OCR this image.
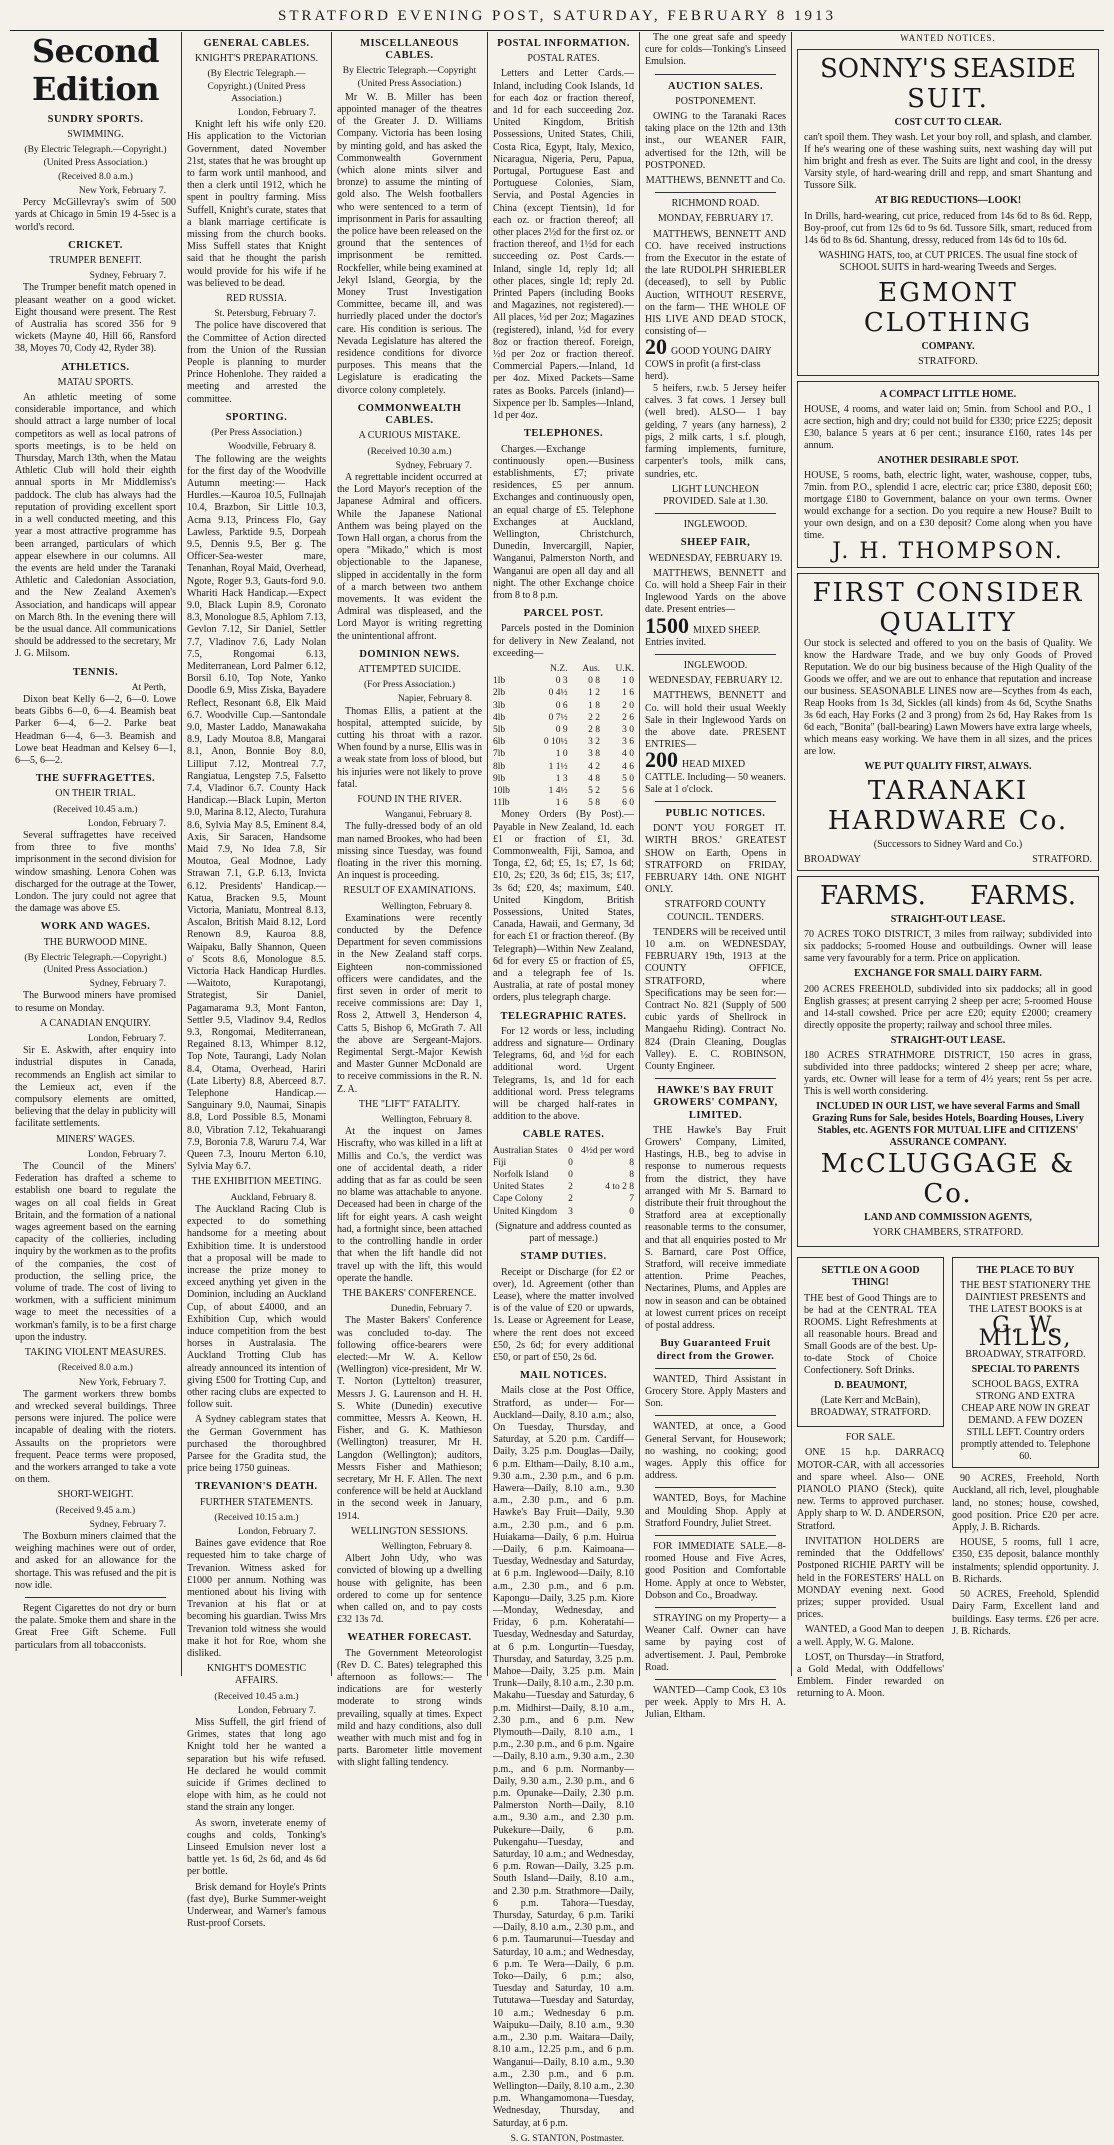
STRATFORD EVENING POST, SATURDAY, FEBRUARY 8 1913
Second Edition
SUNDRY SPORTS.
SWIMMING.
(By Electric Telegraph.—Copyright.) (United Press Association.)
(Received 8.0 a.m.)
New York, February 7.

Percy McGillevray's swim of 500 yards at Chicago in 5min 19 4-5sec is a world's record.

CRICKET.
TRUMPER BENEFIT.
Sydney, February 7.

The Trumper benefit match opened in pleasant weather on a good wicket. Eight thousand were present. The Rest of Australia has scored 356 for 9 wickets (Mayne 40, Hill 66, Ransford 38, Moyes 70, Cody 42, Ryder 38).

ATHLETICS.
MATAU SPORTS.

An athletic meeting of some considerable importance, and which should attract a large number of local competitors as well as local patrons of sports meetings, is to be held on Thursday, March 13th, when the Matau Athletic Club will hold their eighth annual sports in Mr Middlemiss's paddock. The club has always had the reputation of providing excellent sport in a well conducted meeting, and this year a most attractive programme has been arranged, particulars of which appear elsewhere in our columns. All the events are held under the Taranaki Athletic and Caledonian Association, and the New Zealand Axemen's Association, and handicaps will appear on March 8th. In the evening there will be the usual dance. All communications should be addressed to the secretary, Mr J. G. Milsom.

TENNIS.
At Perth,

Dixon beat Kelly 6—2, 6—0. Lowe beats Gibbs 6—0, 6—4. Beamish beat Parker 6—4, 6—2. Parke beat Headman 6—4, 6—3. Beamish and Lowe beat Headman and Kelsey 6—1, 6—5, 6—2.

THE SUFFRAGETTES.
ON THEIR TRIAL.
(Received 10.45 a.m.)
London, February 7.

Several suffragettes have received from three to five months' imprisonment in the second division for window smashing. Lenora Cohen was discharged for the outrage at the Tower, London. The jury could not agree that the damage was above £5.

WORK AND WAGES.
THE BURWOOD MINE.
(By Electric Telegraph.—Copyright.) (United Press Association.)
Sydney, February 7.

The Burwood miners have promised to resume on Monday.

A CANADIAN ENQUIRY.
London, February 7.

Sir E. Askwith, after enquiry into industrial disputes in Canada, recommends an English act similar to the Lemieux act, even if the compulsory elements are omitted, believing that the delay in publicity will facilitate settlements.

MINERS' WAGES.
London, February 7.

The Council of the Miners' Federation has drafted a scheme to establish one board to regulate the wages on all coal fields in Great Britain, and the formation of a national wages agreement based on the earning capacity of the collieries, including inquiry by the workmen as to the profits of the companies, the cost of production, the selling price, the volume of trade. The cost of living to workmen, with a sufficient minimum wage to meet the necessities of a workman's family, is to be a first charge upon the industry.

TAKING VIOLENT MEASURES.
(Received 8.0 a.m.)
New York, February 7.

The garment workers threw bombs and wrecked several buildings. Three persons were injured. The police were incapable of dealing with the rioters. Assaults on the proprietors were frequent. Peace terms were proposed, and the workers arranged to take a vote on them.

SHORT-WEIGHT.
(Received 9.45 a.m.)
Sydney, February 7.

The Boxburn miners claimed that the weighing machines were out of order, and asked for an allowance for the shortage. This was refused and the pit is now idle.

Regent Cigarettes do not dry or burn the palate. Smoke them and share in the Great Free Gift Scheme. Full particulars from all tobacconists.

GENERAL CABLES.
KNIGHT'S PREPARATIONS.
(By Electric Telegraph.—Copyright.) (United Press Association.)
London, February 7.

Knight left his wife only £20. His application to the Victorian Government, dated November 21st, states that he was brought up to farm work until manhood, and then a clerk until 1912, which he spent in poultry farming. Miss Suffell, Knight's curate, states that a blank marriage certificate is missing from the church books. Miss Suffell states that Knight said that he thought the parish would provide for his wife if he was believed to be dead.

RED RUSSIA.
St. Petersburg, February 7.

The police have discovered that the Committee of Action directed from the Union of the Russian People is planning to murder Prince Hohenlohe. They raided a meeting and arrested the committee.

SPORTING.
(Per Press Association.)
Woodville, February 8.

The following are the weights for the first day of the Woodville Autumn meeting:— Hack Hurdles.—Kauroa 10.5, Fullnajah 10.4, Brazbon, Sir Little 10.3, Acma 9.13, Princess Flo, Gay Lawless, Parktide 9.5, Dorpeah 9.5, Dennis 9.5, Ber g. The Officer-Sea-wester mare, Tenanhan, Royal Maid, Overhead, Ngote, Roger 9.3, Gauts-ford 9.0. Whariti Hack Handicap.—Expect 9.0, Black Lupin 8.9, Coronato 8.3, Monologue 8.5, Aphlom 7.13, Gevlon 7.12, Sir Daniel, Settler 7.7, Vladinov 7.6, Lady Nolan 7.5, Rongomai 6.13, Mediterranean, Lord Palmer 6.12, Borsil 6.10, Top Note, Yanko Doodle 6.9, Miss Ziska, Bayadere Reflect, Resonant 6.8, Elk Maid 6.7. Woodville Cup.—Santondale 9.0, Master Laddo, Manawakaha 8.9, Lady Moutoa 8.8, Mangarai 8.1, Anon, Bonnie Boy 8.0, Lilliput 7.12, Montreal 7.7, Rangiatua, Lengstep 7.5, Falsetto 7.4, Vladinor 6.7. County Hack Handicap.—Black Lupin, Merton 9.0, Marina 8.12, Alecto, Turahura 8.6, Sylvia May 8.5, Eminent 8.4, Axis, Sir Saracen, Handsome Maid 7.9, No Idea 7.8, Sir Moutoa, Geal Modnoe, Lady Strawan 7.1, G.P. 6.13, Invicta 6.12. Presidents' Handicap.—Katua, Bracken 9.5, Mount Victoria, Maniatu, Montreal 8.13, Ascalon, British Maid 8.12, Lord Renown 8.9, Kauroa 8.8, Waipaku, Bally Shannon, Queen o' Scots 8.6, Monologue 8.5. Victoria Hack Handicap Hurdles.—Waitoto, Kurapotangi, Strategist, Sir Daniel, Pagamarama 9.3, Mont Fanton, Settler 9.5, Vladinov 9.4, Redlos 9.3, Rongomai, Mediterranean, Regained 8.13, Whimper 8.12, Top Note, Taurangi, Lady Nolan 8.4, Otama, Overhead, Hariri (Late Liberty) 8.8, Aberceed 8.7. Telephone Handicap.—Sanguinary 9.0, Naumai, Sinapis 8.8, Lord Possible 8.5, Monami 8.0, Vibration 7.12, Tekahuarangi 7.9, Boronia 7.8, Waruru 7.4, War Queen 7.3, Inouru Merton 6.10, Sylvia May 6.7.

THE EXHIBITION MEETING.
Auckland, February 8.

The Auckland Racing Club is expected to do something handsome for a meeting about Exhibition time. It is understood that a proposal will be made to increase the prize money to exceed anything yet given in the Dominion, including an Auckland Cup, of about £4000, and an Exhibition Cup, which would induce competition from the best horses in Australasia. The Auckland Trotting Club has already announced its intention of giving £500 for Trotting Cup, and other racing clubs are expected to follow suit.

A Sydney cablegram states that the German Government has purchased the thoroughbred Parsee for the Gradita stud, the price being 1750 guineas.

TREVANION'S DEATH.
FURTHER STATEMENTS.
(Received 10.15 a.m.)
London, February 7.

Baines gave evidence that Roe requested him to take charge of Trevanion. Witness asked for £1000 per annum. Nothing was mentioned about his living with Trevanion at his flat or at becoming his guardian. Twiss Mrs Trevanion told witness she would make it hot for Roe, whom she disliked.

KNIGHT'S DOMESTIC AFFAIRS.
(Received 10.45 a.m.)
London, February 7.

Miss Suffell, the girl friend of Grimes, states that long ago Knight told her he wanted a separation but his wife refused. He declared he would commit suicide if Grimes declined to elope with him, as he could not stand the strain any longer.

As sworn, inveterate enemy of coughs and colds, Tonking's Linseed Emulsion never lost a battle yet. 1s 6d, 2s 6d, and 4s 6d per bottle.

Brisk demand for Hoyle's Prints (fast dye), Burke Summer-weight Underwear, and Warner's famous Rust-proof Corsets.

MISCELLANEOUS CABLES.
By Electric Telegraph.—Copyright (United Press Association.)

Mr W. B. Miller has been appointed manager of the theatres of the Greater J. D. Williams Company. Victoria has been losing by minting gold, and has asked the Commonwealth Government (which alone mints silver and bronze) to assume the minting of gold also. The Welsh footballers who were sentenced to a term of imprisonment in Paris for assaulting the police have been released on the ground that the sentences of imprisonment be remitted. Rockfeller, while being examined at Jekyl Island, Georgia, by the Money Trust Investigation Committee, became ill, and was hurriedly placed under the doctor's care. His condition is serious. The Nevada Legislature has altered the residence conditions for divorce purposes. This means that the Legislature is eradicating the divorce colony completely.

COMMONWEALTH CABLES.
A CURIOUS MISTAKE.
(Received 10.30 a.m.)
Sydney, February 7.

A regrettable incident occurred at the Lord Mayor's reception of the Japanese Admiral and officers. While the Japanese National Anthem was being played on the Town Hall organ, a chorus from the opera "Mikado," which is most objectionable to the Japanese, slipped in accidentally in the form of a march between two anthem movements. It was evident the Admiral was displeased, and the Lord Mayor is writing regretting the unintentional affront.

DOMINION NEWS.
ATTEMPTED SUICIDE.
(For Press Association.)
Napier, February 8.

Thomas Ellis, a patient at the hospital, attempted suicide, by cutting his throat with a razor. When found by a nurse, Ellis was in a weak state from loss of blood, but his injuries were not likely to prove fatal.

FOUND IN THE RIVER.
Wanganui, February 8.

The fully-dressed body of an old man named Brookes, who had been missing since Tuesday, was found floating in the river this morning. An inquest is proceeding.

RESULT OF EXAMINATIONS.
Wellington, February 8.

Examinations were recently conducted by the Defence Department for seven commissions in the New Zealand staff corps. Eighteen non-commissioned officers were candidates, and the first seven in order of merit to receive commissions are: Day 1, Ross 2, Attwell 3, Henderson 4, Catts 5, Bishop 6, McGrath 7. All the above are Sergeant-Majors. Regimental Sergt.-Major Kewish and Master Gunner McDonald are to receive commissions in the R. N. Z. A.

THE "LIFT" FATALITY.
Wellington, February 8.

At the inquest on James Hiscrafty, who was killed in a lift at Millis and Co.'s, the verdict was one of accidental death, a rider adding that as far as could be seen no blame was attachable to anyone. Deceased had been in charge of the lift for eight years. A cash weight had, a fortnight since, been attached to the controlling handle in order that when the lift handle did not travel up with the lift, this would operate the handle.

THE BAKERS' CONFERENCE.
Dunedin, February 7.

The Master Bakers' Conference was concluded to-day. The following office-bearers were elected:—Mr W. A. Kellow (Wellington) vice-president, Mr W. T. Norton (Lyttelton) treasurer, Messrs J. G. Laurenson and H. H. S. White (Dunedin) executive committee, Messrs A. Keown, H. Fisher, and G. K. Mathieson (Wellington) treasurer, Mr H. Langdon (Wellington); auditors, Messrs Fisher and Mathieson; secretary, Mr H. F. Allen. The next conference will be held at Auckland in the second week in January, 1914.

WELLINGTON SESSIONS.
Wellington, February 8.

Albert John Udy, who was convicted of blowing up a dwelling house with gelignite, has been ordered to come up for sentence when called on, and to pay costs £32 13s 7d.

WEATHER FORECAST.

The Government Meteorologist (Rev D. C. Bates) telegraphed this afternoon as follows:— The indications are for westerly moderate to strong winds prevailing, squally at times. Expect mild and hazy conditions, also dull weather with much mist and fog in parts. Barometer little movement with slight falling tendency.

POSTAL INFORMATION.
POSTAL RATES.

Letters and Letter Cards.—Inland, including Cook Islands, 1d for each 4oz or fraction thereof, and 1d for each succeeding 2oz. United Kingdom, British Possessions, United States, Chili, Costa Rica, Egypt, Italy, Mexico, Nicaragua, Nigeria, Peru, Papua, Portugal, Portuguese East and Portuguese Colonies, Siam, Servia, and Postal Agencies in China (except Tientsin), 1d for each oz. or fraction thereof; all other places 2½d for the first oz. or fraction thereof, and 1½d for each succeeding oz. Post Cards.—Inland, single 1d, reply 1d; all other places, single 1d; reply 2d. Printed Papers (including Books and Magazines, not registered).—All places, ½d per 2oz; Magazines (registered), inland, ½d for every 8oz or fraction thereof. Foreign, ½d per 2oz or fraction thereof. Commercial Papers.—Inland, 1d per 4oz. Mixed Packets—Same rates as Books. Parcels (inland)—Sixpence per lb. Samples—Inland, 1d per 4oz.

TELEPHONES.

Charges.—Exchange continuously open.—Business establishments, £7; private residences, £5 per annum. Exchanges and continuously open, an equal charge of £5. Telephone Exchanges at Auckland, Wellington, Christchurch, Dunedin, Invercargill, Napier, Wanganui, Palmerston North, and Wanganui are open all day and all night. The other Exchange choice from 8 to 8 p.m.

PARCEL POST.

Parcels posted in the Dominion for delivery in New Zealand, not exceeding—

	N.Z.	Aus.	U.K.
1lb	0 3	0 8	1 0
2lb	0 4½	1 2	1 6
3lb	0 6	1 8	2 0
4lb	0 7½	2 2	2 6
5lb	0 9	2 8	3 0
6lb	0 10½	3 2	3 6
7lb	1 0	3 8	4 0
8lb	1 1½	4 2	4 6
9lb	1 3	4 8	5 0
10lb	1 4½	5 2	5 6
11lb	1 6	5 8	6 0

Money Orders (By Post).—Payable in New Zealand, 1d. each £1 or fraction of £1, 3d. Commonwealth, Fiji, Samoa, and Tonga, £2, 6d; £5, 1s; £7, 1s 6d; £10, 2s; £20, 3s 6d; £15, 3s; £17, 3s 6d; £20, 4s; maximum, £40. United Kingdom, British Possessions, United States, Canada, Hawaii, and Germany, 3d for each £1 or fraction thereof. (By Telegraph)—Within New Zealand, 6d for every £5 or fraction of £5, and a telegraph fee of 1s. Australia, at rate of postal money orders, plus telegraph charge.

TELEGRAPHIC RATES.

For 12 words or less, including address and signature— Ordinary Telegrams, 6d, and ½d for each additional word. Urgent Telegrams, 1s, and 1d for each additional word. Press telegrams will be charged half-rates in addition to the above.

CABLE RATES.
Australian States	0	4½d per word
Fiji	0	8
Norfolk Island	0	8
United States	2	4 to 2 8
Cape Colony	2	7
United Kingdom	3	0
(Signature and address counted as part of message.)
STAMP DUTIES.

Receipt or Discharge (for £2 or over), 1d. Agreement (other than Lease), where the matter involved is of the value of £20 or upwards, 1s. Lease or Agreement for Lease, where the rent does not exceed £50, 2s 6d; for every additional £50, or part of £50, 2s 6d.

MAIL NOTICES.

Mails close at the Post Office, Stratford, as under— For— Auckland—Daily, 8.10 a.m.; also, On Tuesday, Thursday, and Saturday, at 5.20 p.m. Cardiff—Daily, 3.25 p.m. Douglas—Daily, 6 p.m. Eltham—Daily, 8.10 a.m., 9.30 a.m., 2.30 p.m., and 6 p.m. Hawera—Daily, 8.10 a.m., 9.30 a.m., 2.30 p.m., and 6 p.m. Hawke's Bay Fruit—Daily, 9.30 a.m., 2.30 p.m., and 6 p.m. Huiakama—Daily, 6 p.m. Huirua—Daily, 6 p.m. Kaimoana—Tuesday, Wednesday and Saturday, at 6 p.m. Inglewood—Daily, 8.10 a.m., 2.30 p.m., and 6 p.m. Kapongu—Daily, 3.25 p.m. Kiore—Monday, Wednesday, and Friday, 6 p.m. Koheratahi—Tuesday, Wednesday and Saturday, at 6 p.m. Longurtin—Tuesday, Thursday, and Saturday, 3.25 p.m. Mahoe—Daily, 3.25 p.m. Main Trunk—Daily, 8.10 a.m., 2.30 p.m. Makahu—Tuesday and Saturday, 6 p.m. Midhirst—Daily, 8.10 a.m., 2.30 p.m., and 6 p.m. New Plymouth—Daily, 8.10 a.m., 1 p.m., 2.30 p.m., and 6 p.m. Ngaire—Daily, 8.10 a.m., 9.30 a.m., 2.30 p.m., and 6 p.m. Normanby—Daily, 9.30 a.m., 2.30 p.m., and 6 p.m. Opunake—Daily, 2.30 p.m. Palmerston North—Daily, 8.10 a.m., 9.30 a.m., and 2.30 p.m. Pukekure—Daily, 6 p.m. Pukengahu—Tuesday, and Saturday, 10 a.m.; and Wednesday, 6 p.m. Rowan—Daily, 3.25 p.m. South Island—Daily, 8.10 a.m., and 2.30 p.m. Strathmore—Daily, 6 p.m. Tahora—Tuesday, Thursday, Saturday, 6 p.m. Tariki—Daily, 8.10 a.m., 2.30 p.m., and 6 p.m. Taumarunui—Tuesday and Saturday, 10 a.m.; and Wednesday, 6 p.m. Te Wera—Daily, 6 p.m. Toko—Daily, 6 p.m.; also, Tuesday and Saturday, 10 a.m. Tututawa—Tuesday and Saturday, 10 a.m.; Wednesday 6 p.m. Waipuku—Daily, 8.10 a.m., 9.30 a.m., 2.30 p.m. Waitara—Daily, 8.10 a.m., 12.25 p.m., and 6 p.m. Wanganui—Daily, 8.10 a.m., 9.30 a.m., 2.30 p.m., and 6 p.m. Wellington—Daily, 8.10 a.m., 2.30 p.m. Whangamomona—Tuesday, Wednesday, Thursday, and Saturday, at 6 p.m.

S. G. STANTON, Postmaster.

The one great safe and speedy cure for colds—Tonking's Linseed Emulsion.

AUCTION SALES.
POSTPONEMENT.

OWING to the Taranaki Races taking place on the 12th and 13th inst., our WEANER FAIR, advertised for the 12th, will be POSTPONED.

MATTHEWS, BENNETT and Co.
RICHMOND ROAD.
MONDAY, FEBRUARY 17.

MATTHEWS, BENNETT AND CO. have received instructions from the Executor in the estate of the late RUDOLPH SHRIEBLER (deceased), to sell by Public Auction, WITHOUT RESERVE, on the farm— THE WHOLE OF HIS LIVE AND DEAD STOCK, consisting of—

20 GOOD YOUNG DAIRY COWS in profit (a first-class herd).

5 heifers, r.w.b. 5 Jersey heifer calves. 3 fat cows. 1 Jersey bull (well bred). ALSO— 1 bay gelding, 7 years (any harness), 2 pigs, 2 milk carts, 1 s.f. plough, farming implements, furniture, carpenter's tools, milk cans, sundries, etc.

LIGHT LUNCHEON PROVIDED. Sale at 1.30.
INGLEWOOD.
SHEEP FAIR,
WEDNESDAY, FEBRUARY 19.

MATTHEWS, BENNETT and Co. will hold a Sheep Fair in their Inglewood Yards on the above date. Present entries—

1500 MIXED SHEEP. Entries invited.
INGLEWOOD.
WEDNESDAY, FEBRUARY 12.

MATTHEWS, BENNETT and Co. will hold their usual Weekly Sale in their Inglewood Yards on the above date. PRESENT ENTRIES—

200 HEAD MIXED CATTLE. Including— 50 weaners. Sale at 1 o'clock.
PUBLIC NOTICES.

DON'T YOU FORGET IT. WIRTH BROS.' GREATEST SHOW on Earth, Opens in STRATFORD on FRIDAY, FEBRUARY 14th. ONE NIGHT ONLY.

STRATFORD COUNTY COUNCIL. TENDERS.

TENDERS will be received until 10 a.m. on WEDNESDAY, FEBRUARY 19th, 1913 at the COUNTY OFFICE, STRATFORD, where Specifications may be seen for:— Contract No. 821 (Supply of 500 cubic yards of Shellrock in Mangaehu Riding). Contract No. 824 (Drain Cleaning, Douglas Valley). E. C. ROBINSON, County Engineer.

HAWKE'S BAY FRUIT GROWERS' COMPANY, LIMITED.

THE Hawke's Bay Fruit Growers' Company, Limited, Hastings, H.B., beg to advise in response to numerous requests from the district, they have arranged with Mr S. Barnard to distribute their fruit throughout the Stratford area at exceptionally reasonable terms to the consumer, and that all enquiries posted to Mr S. Barnard, care Post Office, Stratford, will receive immediate attention. Prime Peaches, Nectarines, Plums, and Apples are now in season and can be obtained at lowest current prices on receipt of postal address.

Buy Guaranteed Fruit direct from the Grower.

WANTED, Third Assistant in Grocery Store. Apply Masters and Son.

WANTED, at once, a Good General Servant, for Housework; no washing, no cooking; good wages. Apply this office for address.

WANTED, Boys, for Machine and Moulding Shop. Apply at Stratford Foundry, Juliet Street.

FOR IMMEDIATE SALE.—8-roomed House and Five Acres, good Position and Comfortable Home. Apply at once to Webster, Dobson and Co., Broadway.

STRAYING on my Property— a Weaner Calf. Owner can have same by paying cost of advertisement. J. Paul, Pembroke Road.

WANTED—Camp Cook, £3 10s per week. Apply to Mrs H. A. Julian, Eltham.

WANTED NOTICES.
SONNY'S SEASIDE
SUIT.
COST CUT TO CLEAR.
can't spoil them. They wash. Let your boy roll, and splash, and clamber. If he's wearing one of these washing suits, next washing day will put him bright and fresh as ever. The Suits are light and cool, in the dressy Varsity style, of hard-wearing drill and repp, and smart Shantung and Tussore Silk.
AT BIG REDUCTIONS—LOOK!
In Drills, hard-wearing, cut price, reduced from 14s 6d to 8s 6d. Repp, Boy-proof, cut from 12s 6d to 9s 6d. Tussore Silk, smart, reduced from 14s 6d to 8s 6d. Shantung, dressy, reduced from 14s 6d to 10s 6d.
WASHING HATS, too, at CUT PRICES. The usual fine stock of SCHOOL SUITS in hard-wearing Tweeds and Serges.
EGMONT CLOTHING
COMPANY.
STRATFORD.
A COMPACT LITTLE HOME.
HOUSE, 4 rooms, and water laid on; 5min. from School and P.O., 1 acre section, high and dry; could not build for £330; price £225; deposit £30, balance 5 years at 6 per cent.; insurance £160, rates 14s per annum.
ANOTHER DESIRABLE SPOT.
HOUSE, 5 rooms, bath, electric light, water, washouse, copper, tubs, 7min. from P.O., splendid 1 acre, electric car; price £380, deposit £60; mortgage £180 to Government, balance on your own terms. Owner would exchange for a section. Do you require a new House? Built to your own design, and on a £30 deposit? Come along when you have time.
J. H. THOMPSON.
FIRST CONSIDER QUALITY
Our stock is selected and offered to you on the basis of Quality. We know the Hardware Trade, and we buy only Goods of Proved Reputation. We do our big business because of the High Quality of the Goods we offer, and we are out to enhance that reputation and increase our business. SEASONABLE LINES now are—Scythes from 4s each, Reap Hooks from 1s 3d, Sickles (all kinds) from 4s 6d, Scythe Snaths 3s 6d each, Hay Forks (2 and 3 prong) from 2s 6d, Hay Rakes from 1s 6d each, "Bonita" (ball-bearing) Lawn Mowers have extra large wheels, which means easy working. We have them in all sizes, and the prices are low.
WE PUT QUALITY FIRST, ALWAYS.
TARANAKI HARDWARE Co.
(Successors to Sidney Ward and Co.)
BROADWAY	STRATFORD.
FARMS. FARMS.
STRAIGHT-OUT LEASE.
70 ACRES TOKO DISTRICT, 3 miles from railway; subdivided into six paddocks; 5-roomed House and outbuildings. Owner will lease same very favourably for a term. Price on application.
EXCHANGE FOR SMALL DAIRY FARM.
200 ACRES FREEHOLD, subdivided into six paddocks; all in good English grasses; at present carrying 2 sheep per acre; 5-roomed House and 14-stall cowshed. Price per acre £20; equity £2000; creamery directly opposite the property; railway and school three miles.
STRAIGHT-OUT LEASE.
180 ACRES STRATHMORE DISTRICT, 150 acres in grass, subdivided into three paddocks; wintered 2 sheep per acre; whare, yards, etc. Owner will lease for a term of 4½ years; rent 5s per acre. This is well worth considering.
INCLUDED IN OUR LIST, we have several Farms and Small Grazing Runs for Sale, besides Hotels, Boarding Houses, Livery Stables, etc. AGENTS FOR MUTUAL LIFE and CITIZENS' ASSURANCE COMPANY.
McCLUGGAGE & Co.
LAND AND COMMISSION AGENTS,
YORK CHAMBERS, STRATFORD.
SETTLE ON A GOOD THING!
THE best of Good Things are to be had at the CENTRAL TEA ROOMS. Light Refreshments at all reasonable hours. Bread and Small Goods are of the best. Up-to-date Stock of Choice Confectionery. Soft Drinks.
D. BEAUMONT,
(Late Kerr and McBain), BROADWAY, STRATFORD.
FOR SALE.

ONE 15 h.p. DARRACQ MOTOR-CAR, with all accessories and spare wheel. Also— ONE PIANOLO PIANO (Steck), quite new. Terms to approved purchaser. Apply sharp to W. D. ANDERSON, Stratford.

INVITATION HOLDERS are reminded that the Oddfellows' Postponed RICHIE PARTY will be held in the FORESTERS' HALL on MONDAY evening next. Good prizes; supper provided. Usual prices.

WANTED, a Good Man to deepen a well. Apply, W. G. Malone.

LOST, on Thursday—in Stratford, a Gold Medal, with Oddfellows' Emblem. Finder rewarded on returning to A. Moon.

THE PLACE TO BUY
THE BEST STATIONERY THE DAINTIEST PRESENTS and THE LATEST BOOKS is at
G. W. MILLS,
BROADWAY, STRATFORD.
SPECIAL TO PARENTS
SCHOOL BAGS, EXTRA STRONG AND EXTRA CHEAP ARE NOW IN GREAT DEMAND. A FEW DOZEN STILL LEFT. Country orders promptly attended to. Telephone 60.

90 ACRES, Freehold, North Auckland, all rich, level, ploughable land, no stones; house, cowshed, good position. Price £20 per acre. Apply, J. B. Richards.

HOUSE, 5 rooms, full 1 acre, £350, £35 deposit, balance monthly instalments; splendid opportunity. J. B. Richards.

50 ACRES, Freehold, Splendid Dairy Farm, Excellent land and buildings. Easy terms. £26 per acre. J. B. Richards.
